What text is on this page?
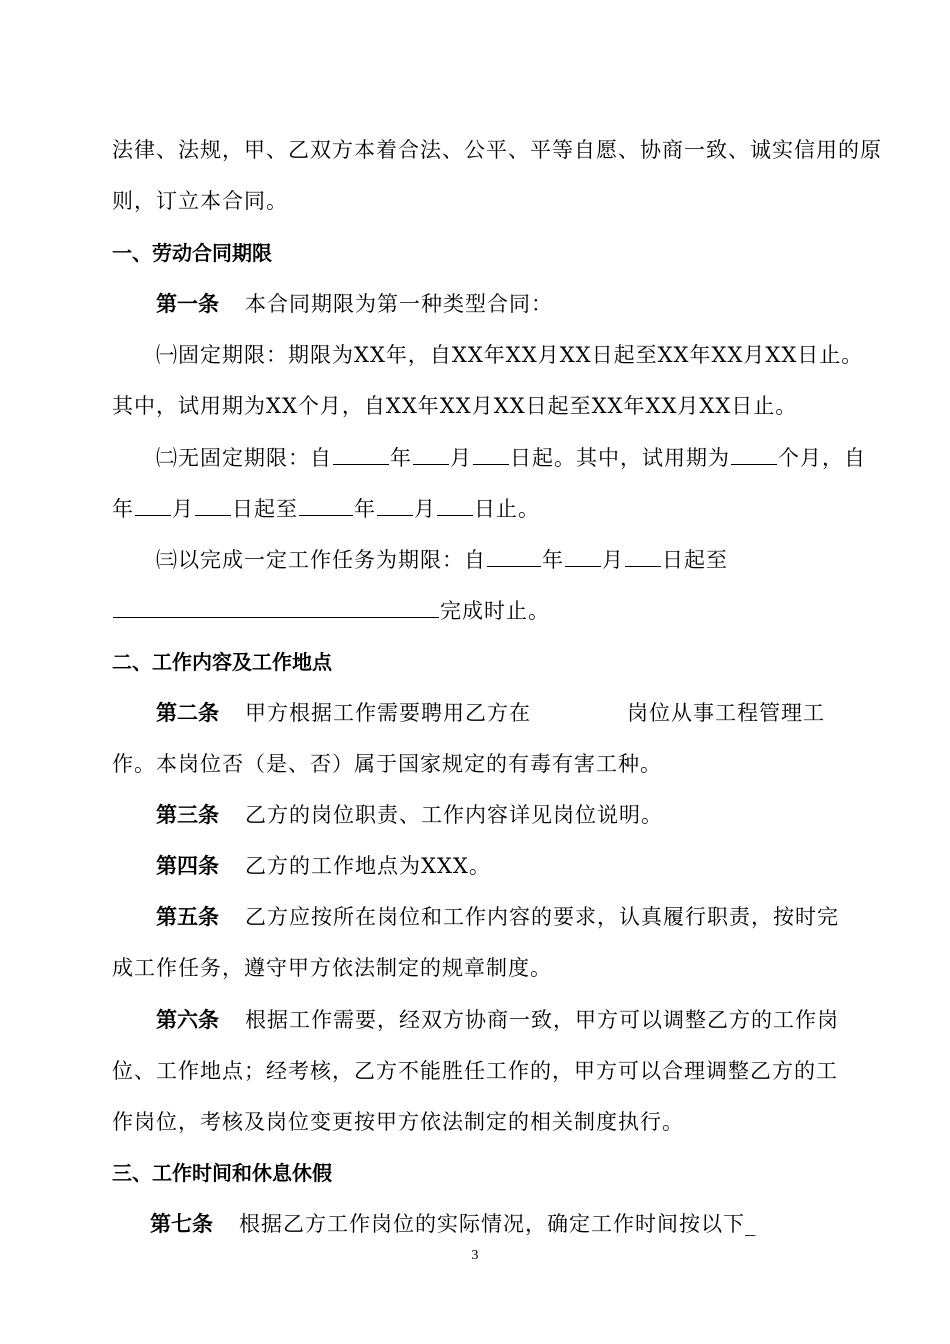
法律、法规，甲、乙双方本着合法、公平、平等自愿、协商一致、诚实信用的原
则，订立本合同。
一、劳动合同期限
第一条 本合同期限为第一种类型合同：
㈠固定期限：期限为XX年，自XX年XX月XX日起至XX年XX月XX日止。
其中，试用期为XX个月，自XX年XX月XX日起至XX年XX月XX日止。
㈡无固定期限：自	年 月 日起。其中，试用期为 个月，自
年 月 日起至	年 月 日止。
㈢以完成一定工作任务为期限：自	年 月 日起至
完成时止。
二、工作内容及工作地点
第二条 甲方根据工作需要聘用乙方在	岗位从事工程管理工
作。本岗位否（是、否）属于国家规定的有毒有害工种。
第三条 乙方的岗位职责、工作内容详见岗位说明。
第四条 乙方的工作地点为XXX。
第五条 乙方应按所在岗位和工作内容的要求，认真履行职责，按时完
成工作任务，遵守甲方依法制定的规章制度。
第六条 根据工作需要，经双方协商一致，甲方可以调整乙方的工作岗
位、工作地点；经考核，乙方不能胜任工作的，甲方可以合理调整乙方的工
作岗位，考核及岗位变更按甲方依法制定的相关制度执行。
三、工作时间和休息休假
第七条 根据乙方工作岗位的实际情况，确定工作时间按以下_
3
